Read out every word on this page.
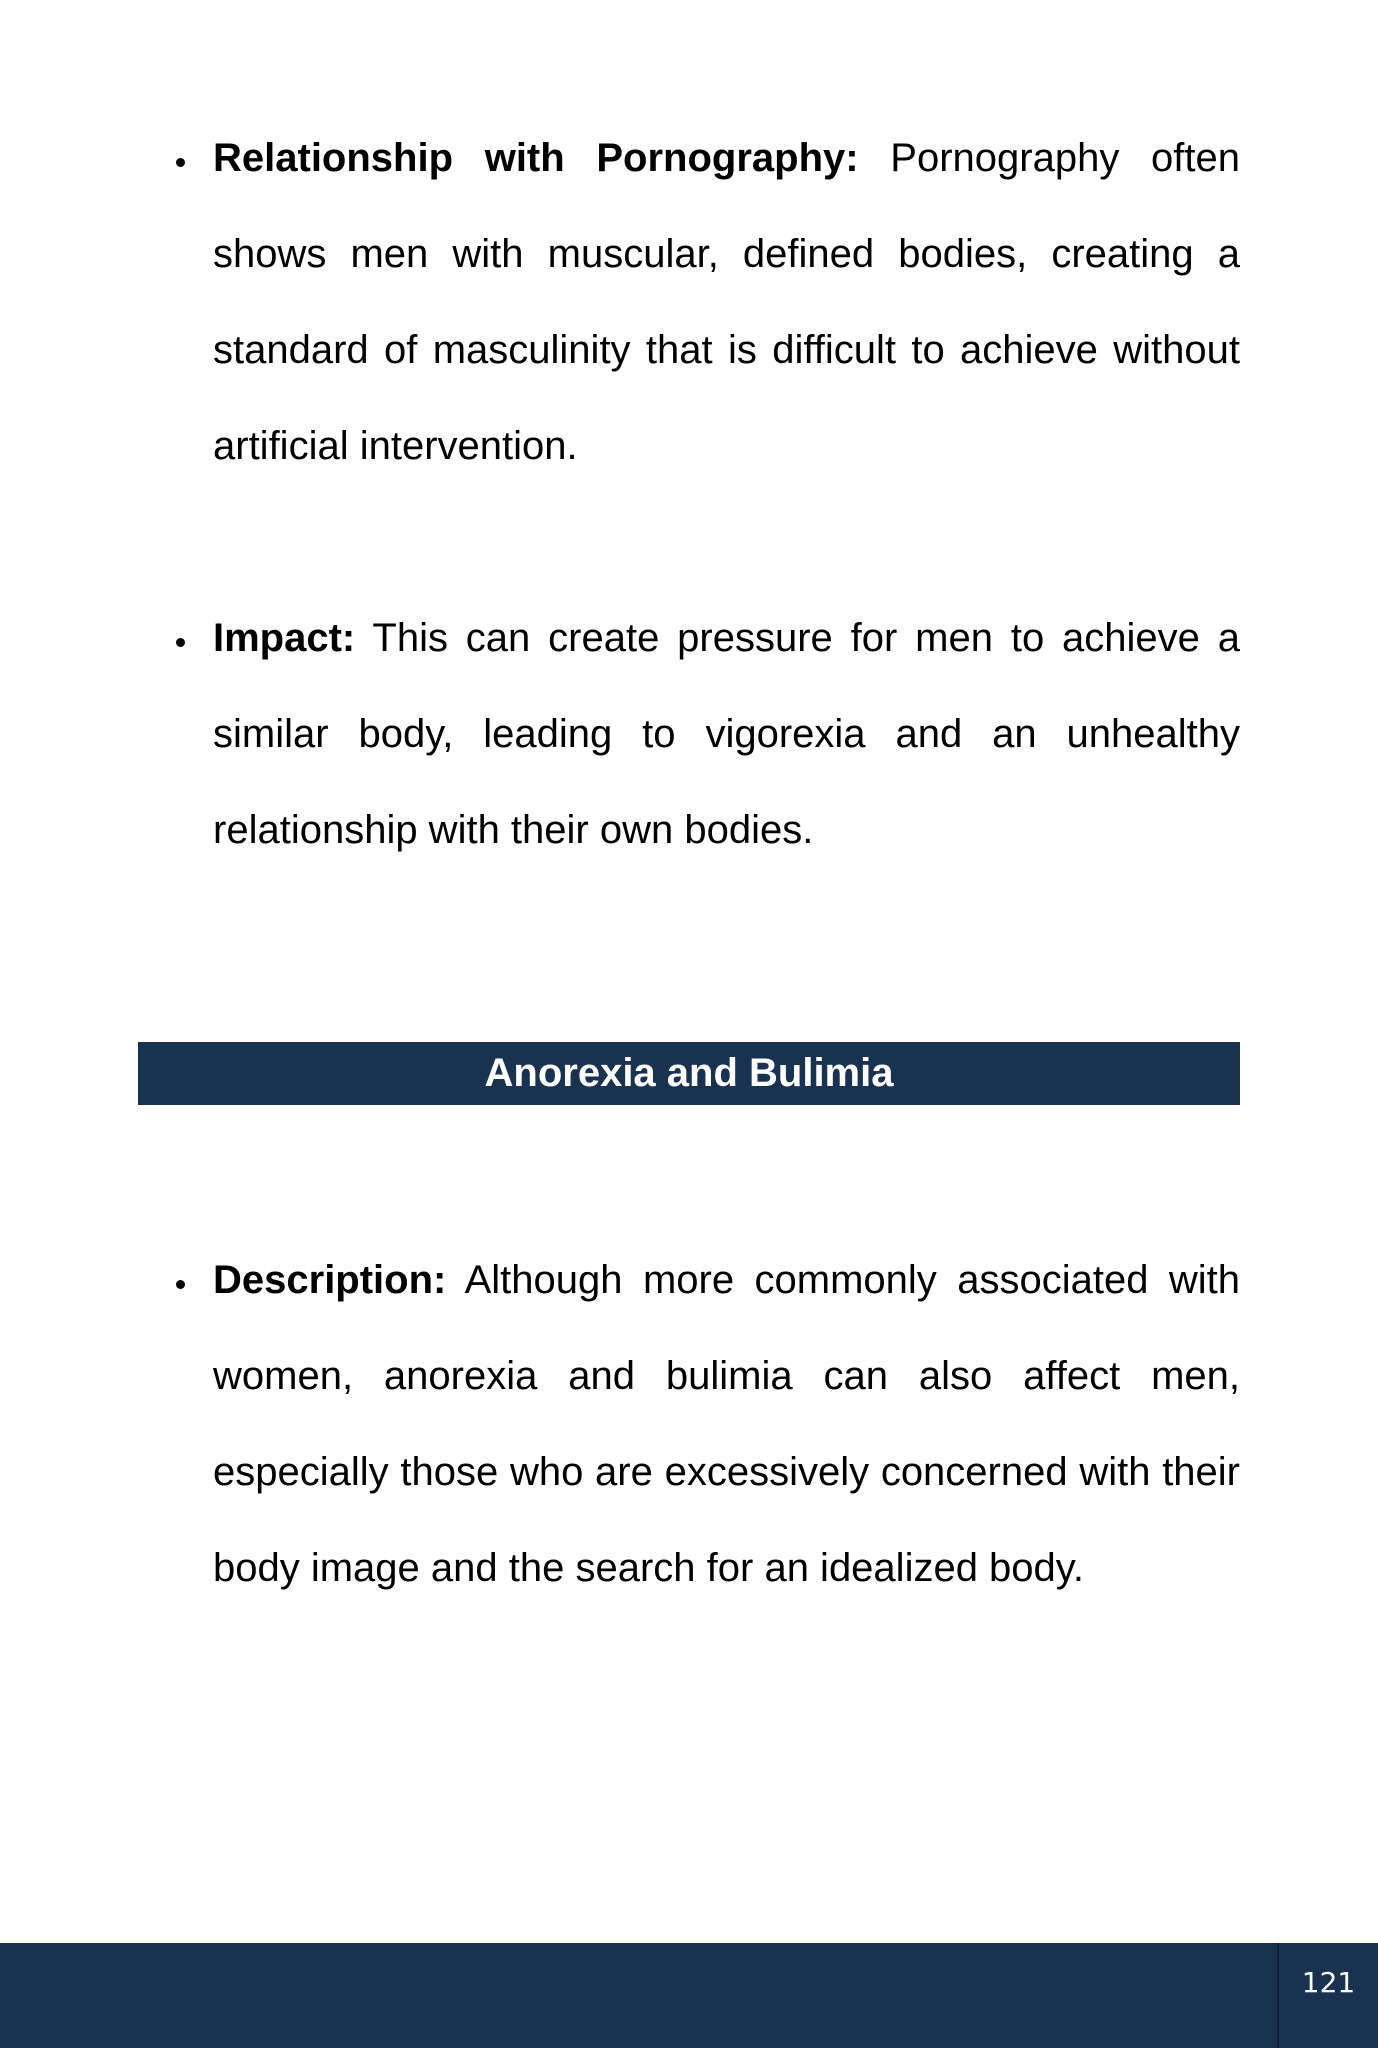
Relationship with Pornography: Pornography often shows men with muscular, defined bodies, creating a standard of masculinity that is difficult to achieve without artificial intervention.

Impact: This can create pressure for men to achieve a similar body, leading to vigorexia and an unhealthy relationship with their own bodies.

Anorexia and Bulimia

Description: Although more commonly associated with women, anorexia and bulimia can also affect men, especially those who are excessively concerned with their body image and the search for an idealized body.

121
